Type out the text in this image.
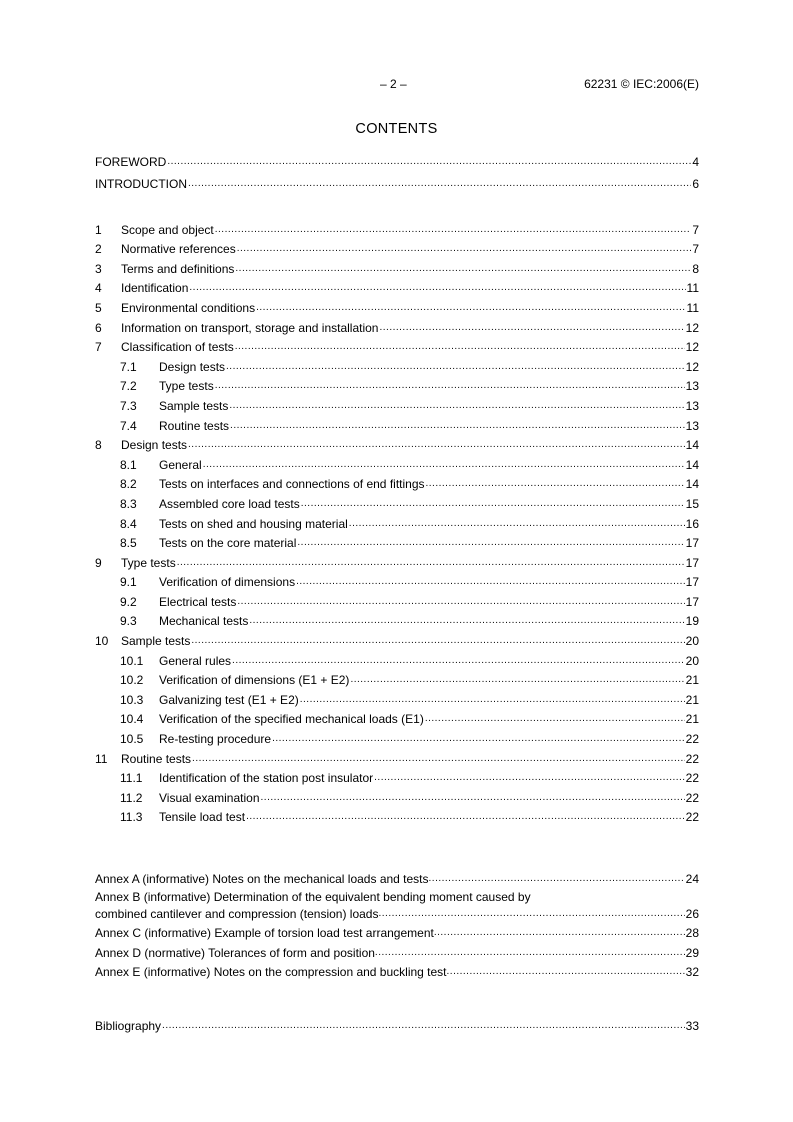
– 2 –	62231 © IEC:2006(E)
CONTENTS
FOREWORD .....	4
INTRODUCTION .....	6
1	Scope and object .....	7
2	Normative references .....	7
3	Terms and definitions .....	8
4	Identification .....	11
5	Environmental conditions .....	11
6	Information on transport, storage and installation .....	12
7	Classification of tests .....	12
7.1	Design tests .....	12
7.2	Type tests .....	13
7.3	Sample tests .....	13
7.4	Routine tests .....	13
8	Design tests .....	14
8.1	General .....	14
8.2	Tests on interfaces and connections of end fittings .....	14
8.3	Assembled core load tests .....	15
8.4	Tests on shed and housing material .....	16
8.5	Tests on the core material .....	17
9	Type tests .....	17
9.1	Verification of dimensions .....	17
9.2	Electrical tests .....	17
9.3	Mechanical tests .....	19
10	Sample tests .....	20
10.1	General rules .....	20
10.2	Verification of dimensions (E1 + E2) .....	21
10.3	Galvanizing test (E1 + E2) .....	21
10.4	Verification of the specified mechanical loads (E1) .....	21
10.5	Re-testing procedure .....	22
11	Routine tests .....	22
11.1	Identification of the station post insulator .....	22
11.2	Visual examination .....	22
11.3	Tensile load test .....	22
Annex A (informative) Notes on the mechanical loads and tests .....	24
Annex B (informative) Determination of the equivalent bending moment caused by
combined cantilever and compression (tension) loads .....	26
Annex C (informative) Example of torsion load test arrangement .....	28
Annex D (normative) Tolerances of form and position .....	29
Annex E (informative) Notes on the compression and buckling test .....	32
Bibliography .....	33
